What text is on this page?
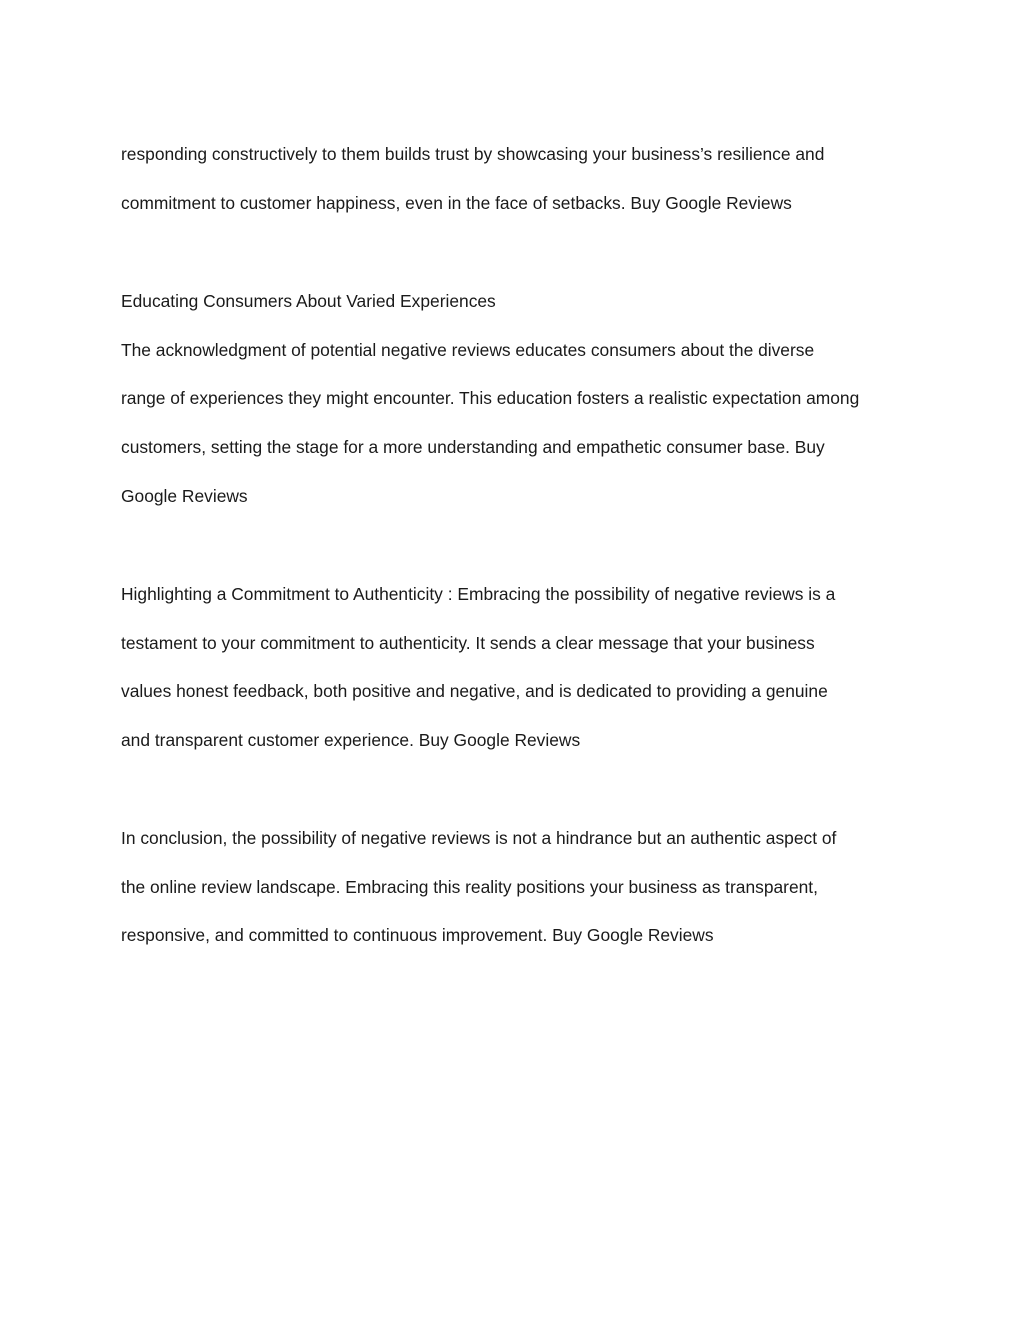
responding constructively to them builds trust by showcasing your business’s resilience and

commitment to customer happiness, even in the face of setbacks. Buy Google Reviews

Educating Consumers About Varied Experiences

The acknowledgment of potential negative reviews educates consumers about the diverse

range of experiences they might encounter. This education fosters a realistic expectation among

customers, setting the stage for a more understanding and empathetic consumer base. Buy

Google Reviews

Highlighting a Commitment to Authenticity : Embracing the possibility of negative reviews is a

testament to your commitment to authenticity. It sends a clear message that your business

values honest feedback, both positive and negative, and is dedicated to providing a genuine

and transparent customer experience. Buy Google Reviews

In conclusion, the possibility of negative reviews is not a hindrance but an authentic aspect of

the online review landscape. Embracing this reality positions your business as transparent,

responsive, and committed to continuous improvement. Buy Google Reviews
